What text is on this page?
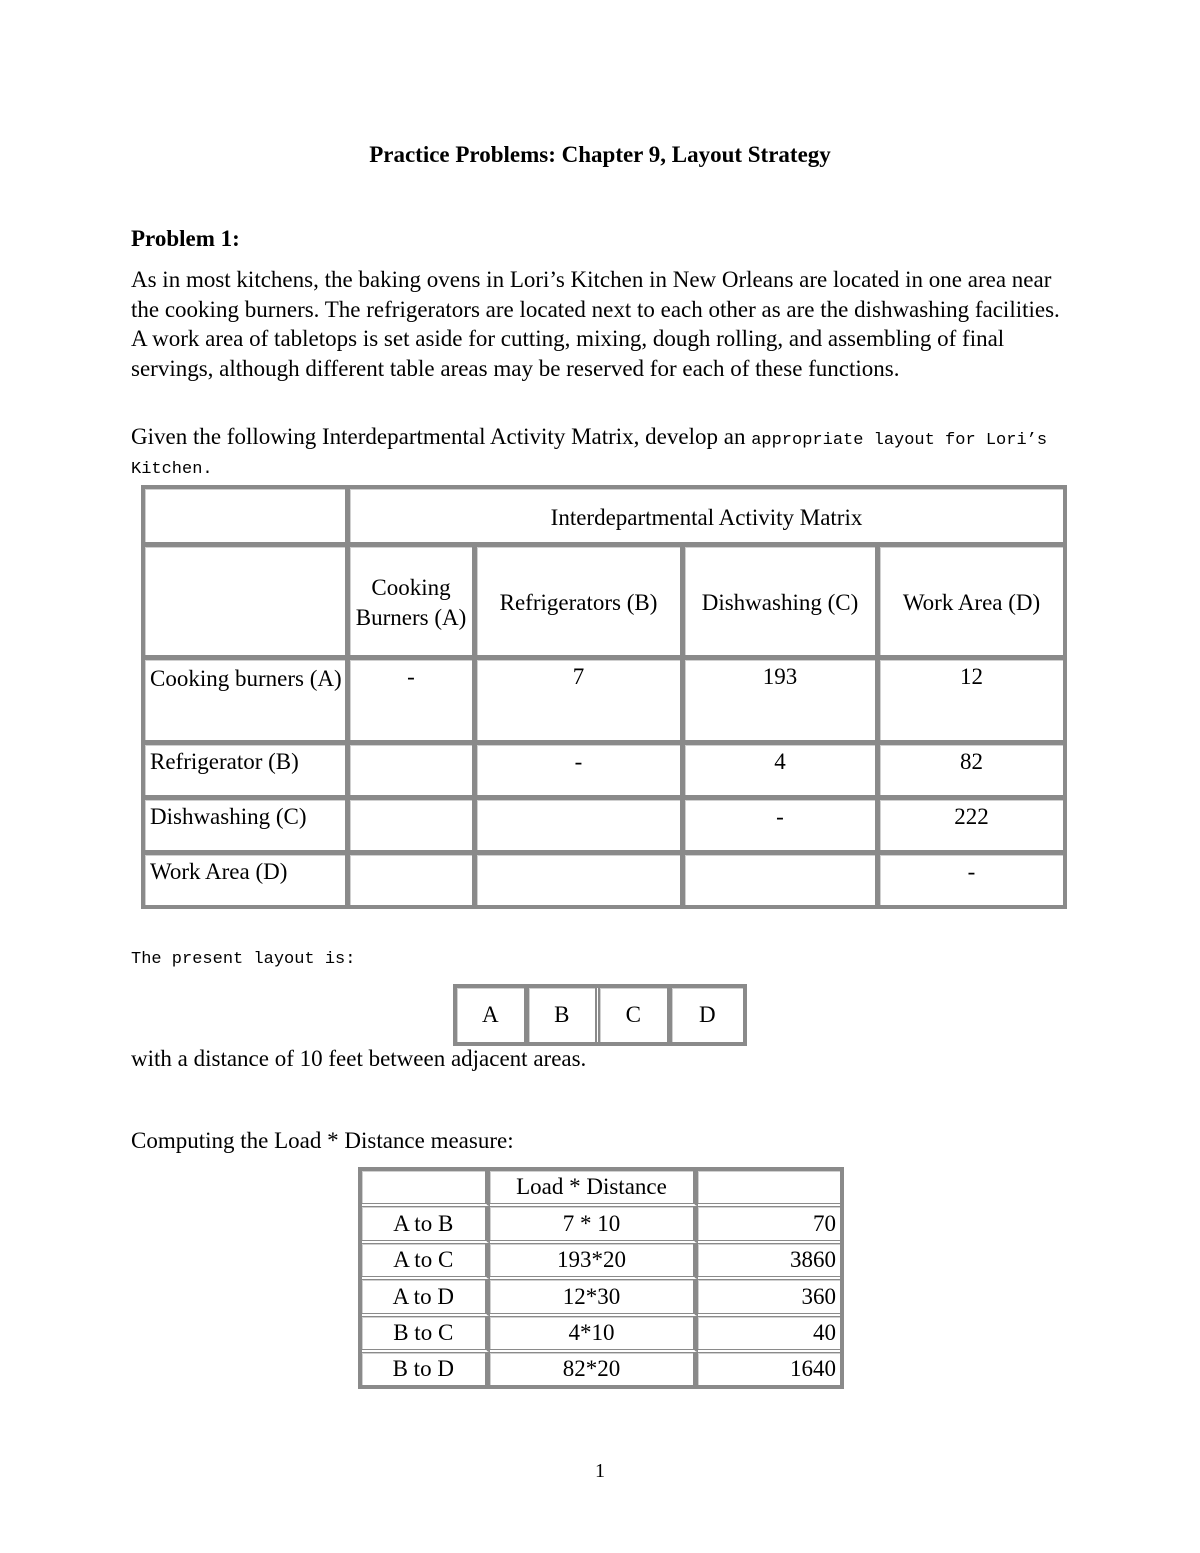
Practice Problems: Chapter 9, Layout Strategy
Problem 1:
As in most kitchens, the baking ovens in Lori’s Kitchen in New Orleans are located in one area near the cooking burners. The refrigerators are located next to each other as are the dishwashing facilities. A work area of tabletops is set aside for cutting, mixing, dough rolling, and assembling of final servings, although different table areas may be reserved for each of these functions.
Given the following Interdepartmental Activity Matrix, develop an appropriate layout for Lori’s Kitchen.
	Interdepartmental Activity Matrix			
	Cooking Burners (A)	Refrigerators (B)	Dishwashing (C)	Work Area (D)
Cooking burners (A)	-	7	193	12
Refrigerator (B)		-	4	82
Dishwashing (C)			-	222
Work Area (D)				-
The present layout is:
A	B	C	D
with a distance of 10 feet between adjacent areas.
Computing the Load * Distance measure:
	Load * Distance	
A to B	7 * 10	70
A to C	193*20	3860
A to D	12*30	360
B to C	4*10	40
B to D	82*20	1640
1
